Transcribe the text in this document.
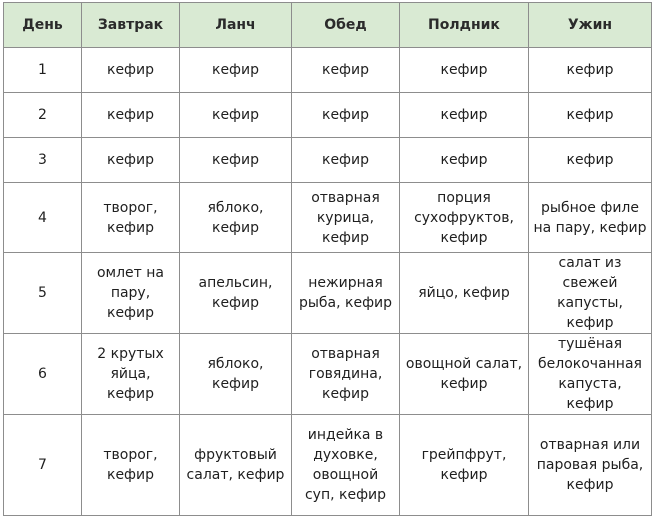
День	Завтрак	Ланч	Обед	Полдник	Ужин
1	кефир	кефир	кефир	кефир	кефир
2	кефир	кефир	кефир	кефир	кефир
3	кефир	кефир	кефир	кефир	кефир
4	творог, кефир	яблоко, кефир	отварная курица, кефир	порция сухофруктов, кефир	рыбное филе на пару, кефир
5	омлет на пару, кефир	апельсин, кефир	нежирная рыба, кефир	яйцо, кефир	салат из свежей капусты, кефир
6	2 крутых яйца, кефир	яблоко, кефир	отварная говядина, кефир	овощной салат, кефир	тушёная белокочанная капуста, кефир
7	творог, кефир	фруктовый салат, кефир	индейка в духовке, овощной суп, кефир	грейпфрут, кефир	отварная или паровая рыба, кефир
